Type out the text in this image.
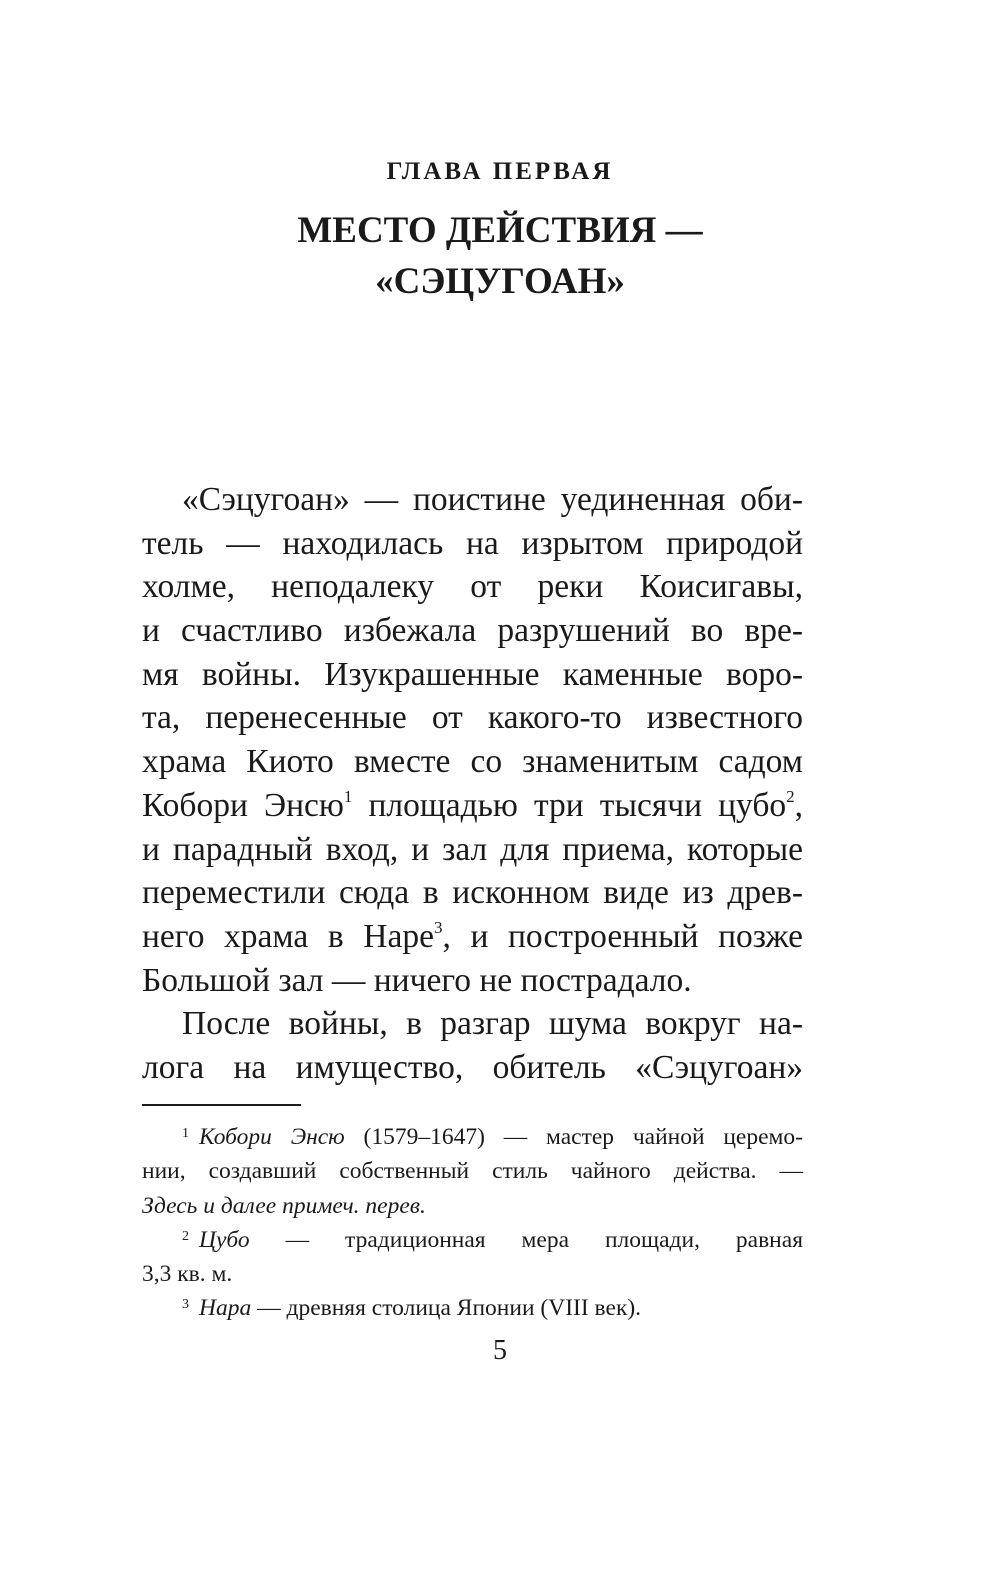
ГЛАВА ПЕРВАЯ
МЕСТО ДЕЙСТВИЯ —
«СЭЦУГОАН»
«Сэцугоан» — поистине уединенная оби-
тель — находилась на изрытом природой
холме, неподалеку от реки Коисигавы,
и счастливо избежала разрушений во вре-
мя войны. Изукрашенные каменные воро-
та, перенесенные от какого-то известного
храма Киото вместе со знаменитым садом
Кобори Энсю$^1$ площадью три тысячи цубо$^2$,
и парадный вход, и зал для приема, которые
переместили сюда в исконном виде из древ-
него храма в Наре$^3$, и построенный позже
Большой зал — ничего не пострадало.
После войны, в разгар шума вокруг на-
лога на имущество, обитель «Сэцугоан»
$^1$ Кобори Энсю (1579–1647) — мастер чайной церемо-
нии, создавший собственный стиль чайного действа. —
Здесь и далее примеч. перев.
$^2$ Цубо — традиционная мера площади, равная
3,3 кв. м.
$^3$ Нара — древняя столица Японии (VIII век).
5
